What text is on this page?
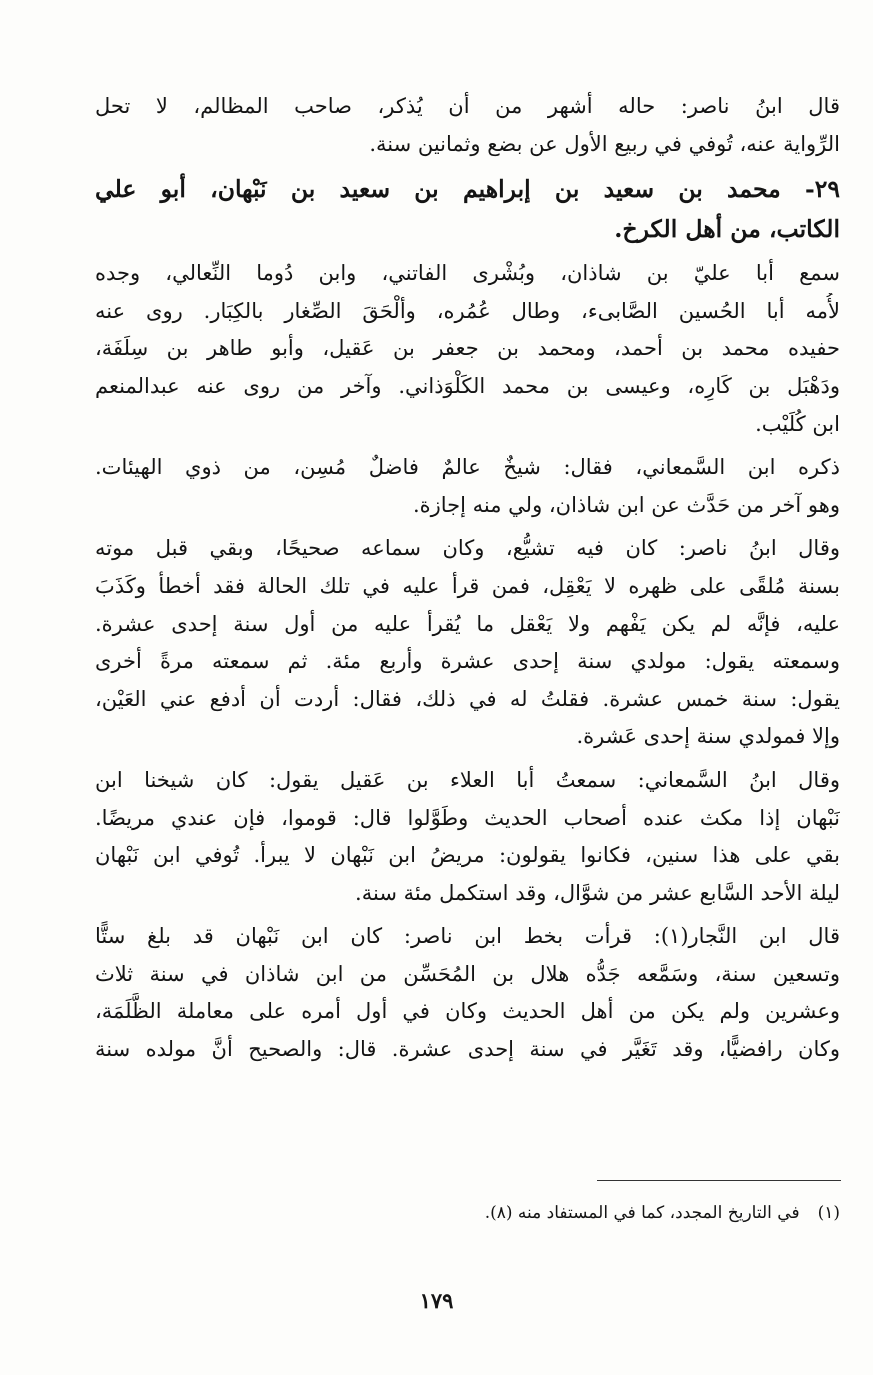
قال ابنُ ناصر: حاله أشهر من أن يُذكر، صاحب المظالم، لا تحل
الرِّواية عنه، تُوفي في ربيع الأول عن بضع وثمانين سنة.
٢٩- محمد بن سعيد بن إبراهيم بن سعيد بن نَبْهان، أبو علي
الكاتب، من أهل الكرخ.
سمع أبا عليّ بن شاذان، وبُشْرى الفاتني، وابن دُوما النِّعالي، وجده
لأُمه أبا الحُسين الصَّابىء، وطال عُمُره، وألْحَقَ الصِّغار بالكِبَار. روى عنه
حفيده محمد بن أحمد، ومحمد بن جعفر بن عَقيل، وأبو طاهر بن سِلَفَة،
ودَهْبَل بن كَارِه، وعيسى بن محمد الكَلْوَذاني. وآخر من روى عنه عبدالمنعم
ابن كُلَيْب.
ذكره ابن السَّمعاني، فقال: شيخٌ عالمٌ فاضلٌ مُسِن، من ذوي الهيئات.
وهو آخر من حَدَّث عن ابن شاذان، ولي منه إجازة.
وقال ابنُ ناصر: كان فيه تشيُّع، وكان سماعه صحيحًا، وبقي قبل موته
بسنة مُلقًى على ظهره لا يَعْقِل، فمن قرأ عليه في تلك الحالة فقد أخطأ وكَذَبَ
عليه، فإنَّه لم يكن يَفْهم ولا يَعْقل ما يُقرأ عليه من أول سنة إحدى عشرة.
وسمعته يقول: مولدي سنة إحدى عشرة وأربع مئة. ثم سمعته مرةً أخرى
يقول: سنة خمس عشرة. فقلتُ له في ذلك، فقال: أردت أن أدفع عني العَيْن،
وإلا فمولدي سنة إحدى عَشرة.
وقال ابنُ السَّمعاني: سمعتُ أبا العلاء بن عَقيل يقول: كان شيخنا ابن
نَبْهان إذا مكث عنده أصحاب الحديث وطَوَّلوا قال: قوموا، فإن عندي مريضًا.
بقي على هذا سنين، فكانوا يقولون: مريضُ ابن نَبْهان لا يبرأ. تُوفي ابن نَبْهان
ليلة الأحد السَّابع عشر من شوَّال، وقد استكمل مئة سنة.
قال ابن النَّجار(١): قرأت بخط ابن ناصر: كان ابن نَبْهان قد بلغ ستًّا
وتسعين سنة، وسَمَّعه جَدُّه هلال بن المُحَسِّن من ابن شاذان في سنة ثلاث
وعشرين ولم يكن من أهل الحديث وكان في أول أمره على معاملة الظَّلَمَة،
وكان رافضيًّا، وقد تَغَيَّر في سنة إحدى عشرة. قال: والصحيح أنَّ مولده سنة
(١)في التاريخ المجدد، كما في المستفاد منه (٨).
١٧٩
